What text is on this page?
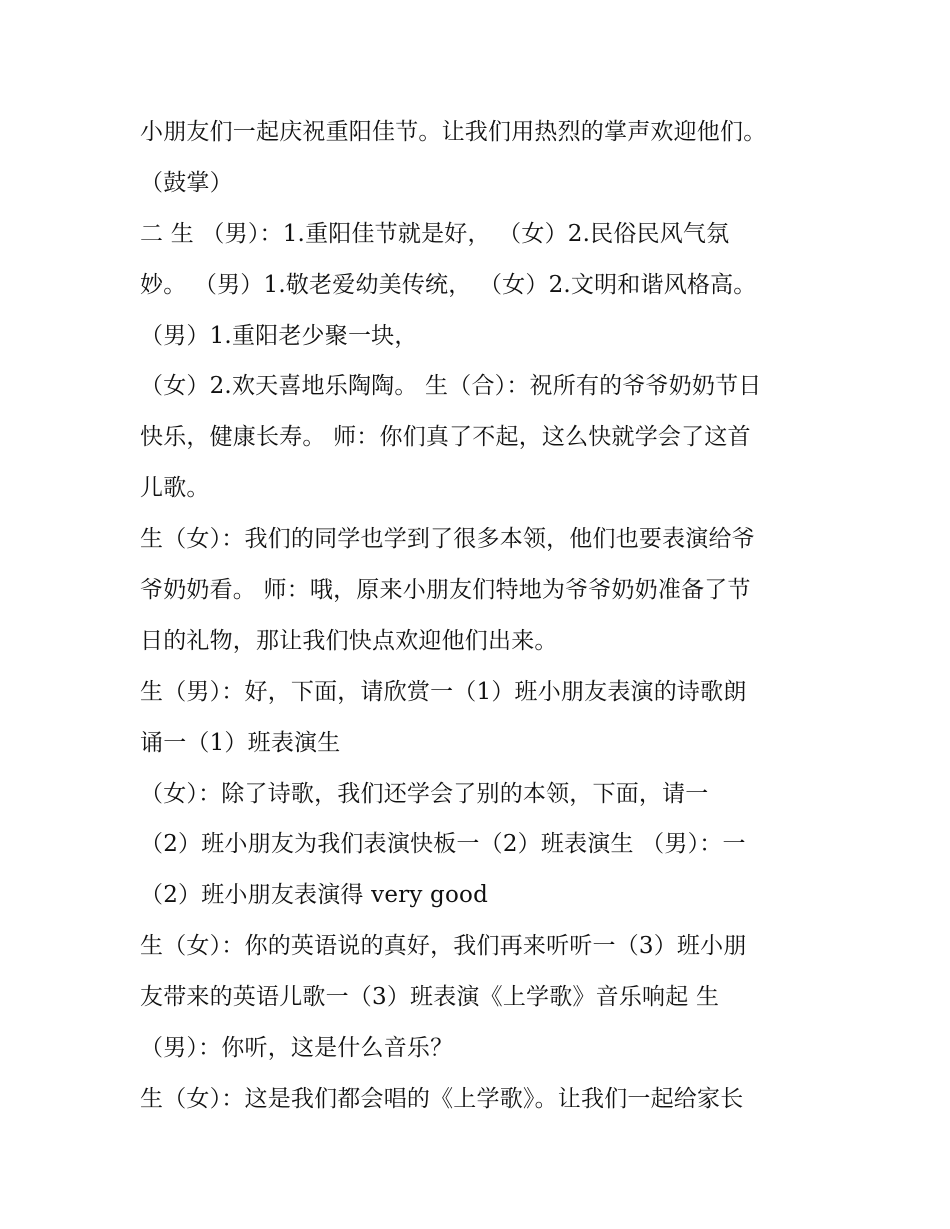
小朋友们一起庆祝重阳佳节。让我们用热烈的掌声欢迎他们。
（鼓掌）
二 生 （男）：1.重阳佳节就是好， （女）2.民俗民风气氛
妙。 （男）1.敬老爱幼美传统， （女）2.文明和谐风格高。
（男）1.重阳老少聚一块，
（女）2.欢天喜地乐陶陶。 生（合）：祝所有的爷爷奶奶节日
快乐，健康长寿。 师：你们真了不起，这么快就学会了这首
儿歌。
生（女）：我们的同学也学到了很多本领，他们也要表演给爷
爷奶奶看。 师：哦，原来小朋友们特地为爷爷奶奶准备了节
日的礼物，那让我们快点欢迎他们出来。
生（男）：好，下面，请欣赏一（1）班小朋友表演的诗歌朗
诵一（1）班表演生
（女）：除了诗歌，我们还学会了别的本领，下面，请一
（2）班小朋友为我们表演快板一（2）班表演生 （男）：一
（2）班小朋友表演得 very good
生（女）：你的英语说的真好，我们再来听听一（3）班小朋
友带来的英语儿歌一（3）班表演《上学歌》音乐响起 生
（男）：你听，这是什么音乐？
生（女）：这是我们都会唱的《上学歌》。让我们一起给家长
